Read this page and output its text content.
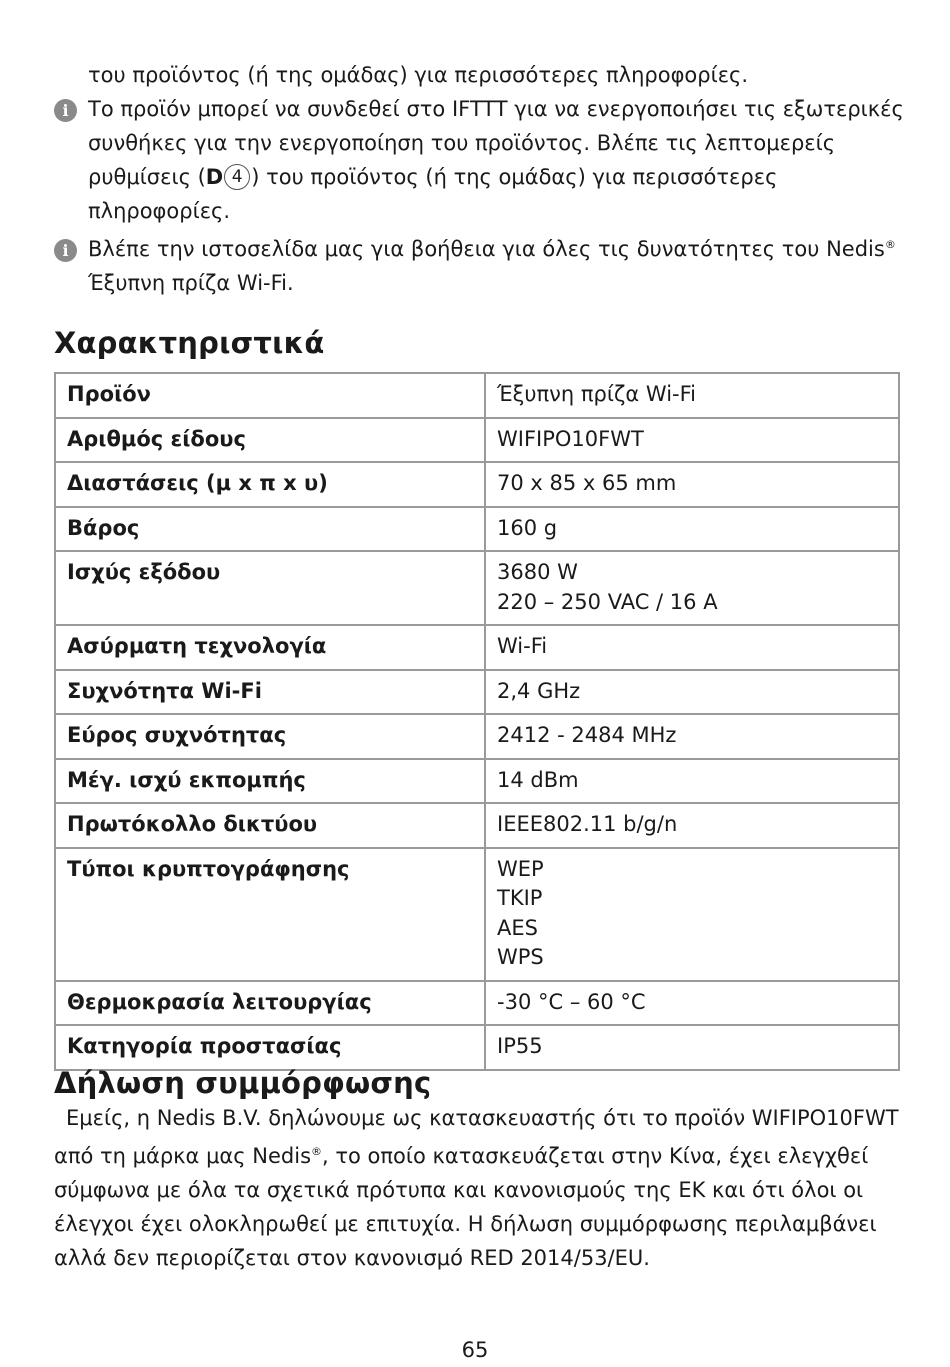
του προϊόντος (ή της ομάδας) για περισσότερες πληροφορίες.
i Το προϊόν μπορεί να συνδεθεί στο IFTTT για να ενεργοποιήσει τις εξωτερικές
συνθήκες για την ενεργοποίηση του προϊόντος. Βλέπε τις λεπτομερείς
ρυθμίσεις (D 4 ) του προϊόντος (ή της ομάδας) για περισσότερες
πληροφορίες.
i Βλέπε την ιστοσελίδα μας για βοήθεια για όλες τις δυνατότητες του Nedis®
Έξυπνη πρίζα Wi-Fi.
Χαρακτηριστικά
Προϊόν	Έξυπνη πρίζα Wi-Fi

Αριθμός είδους	WIFIPO10FWT

Διαστάσεις (μ x π x υ)	70 x 85 x 65 mm

Βάρος	160 g

Ισχύς εξόδου	3680 W
220 – 250 VAC / 16 A

Ασύρματη τεχνολογία	Wi-Fi

Συχνότητα Wi-Fi	2,4 GHz

Εύρος συχνότητας	2412 - 2484 MHz

Μέγ. ισχύ εκπομπής	14 dBm

Πρωτόκολλο δικτύου	IEEE802.11 b/g/n

Τύποι κρυπτογράφησης	WEP
TKIP
AES
WPS

Θερμοκρασία λειτουργίας	-30 °C – 60 °C

Κατηγορία προστασίας	IP55
Δήλωση συμμόρφωσης
Εμείς, η Nedis B.V. δηλώνουμε ως κατασκευαστής ότι το προϊόν WIFIPO10FWT
από τη μάρκα μας Nedis®, το οποίο κατασκευάζεται στην Κίνα, έχει ελεγχθεί
σύμφωνα με όλα τα σχετικά πρότυπα και κανονισμούς της ΕΚ και ότι όλοι οι
έλεγχοι έχει ολοκληρωθεί με επιτυχία. Η δήλωση συμμόρφωσης περιλαμβάνει
αλλά δεν περιορίζεται στον κανονισμό RED 2014/53/EU.
65
